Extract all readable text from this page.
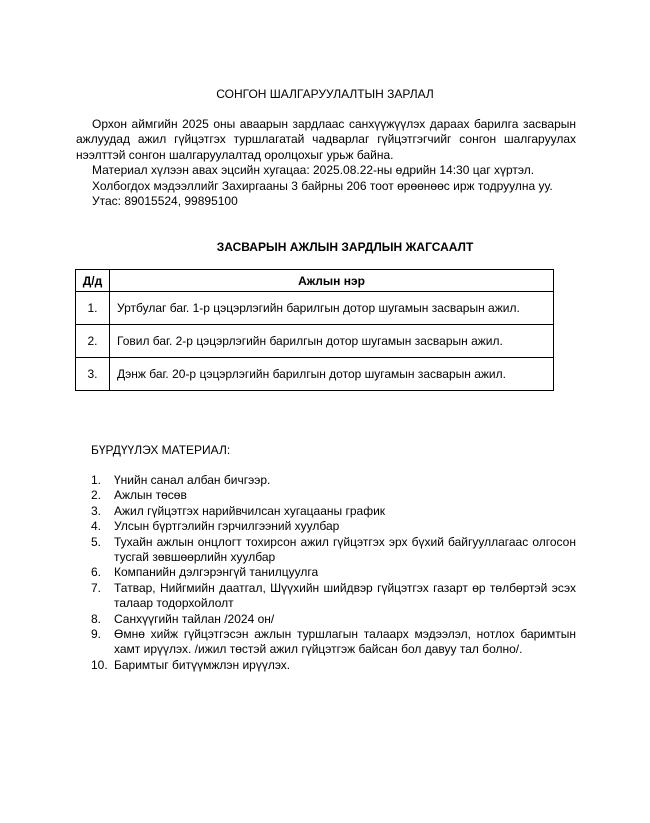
СОНГОН ШАЛГАРУУЛАЛТЫН ЗАРЛАЛ

Орхон аймгийн 2025 оны аваарын зардлаас санхүүжүүлэх дараах барилга засварын ажлуудад ажил гүйцэтгэх туршлагатай чадварлаг гүйцэтгэгчийг сонгон шалгаруулах нээлттэй сонгон шалгаруулалтад оролцохыг урьж байна.

Материал хүлээн авах эцсийн хугацаа: 2025.08.22-ны өдрийн 14:30 цаг хүртэл.

Холбогдох мэдээллийг Захиргааны 3 байрны 206 тоот өрөөнөөс ирж тодруулна уу.

Утас: 89015524, 99895100

ЗАСВАРЫН АЖЛЫН ЗАРДЛЫН ЖАГСААЛТ
Д/д	Ажлын нэр
1.	Уртбулаг баг. 1-р цэцэрлэгийн барилгын дотор шугамын засварын ажил.
2.	Говил баг. 2-р цэцэрлэгийн барилгын дотор шугамын засварын ажил.
3.	Дэнж баг. 20-р цэцэрлэгийн барилгын дотор шугамын засварын ажил.
БҮРДҮҮЛЭХ МАТЕРИАЛ:
1.	Үнийн санал албан бичгээр.
2.	Ажлын төсөв
3.	Ажил гүйцэтгэх нарийвчилсан хугацааны график
4.	Улсын бүртгэлийн гэрчилгээний хуулбар
5.	Тухайн ажлын онцлогт тохирсон ажил гүйцэтгэх эрх бүхий байгууллагаас олгосон тусгай зөвшөөрлийн хуулбар
6.	Компанийн дэлгэрэнгүй танилцуулга
7.	Татвар, Нийгмийн даатгал, Шүүхийн шийдвэр гүйцэтгэх газарт өр төлбөртэй эсэх талаар тодорхойлолт
8.	Санхүүгийн тайлан /2024 он/
9.	Өмнө хийж гүйцэтгэсэн ажлын туршлагын талаарх мэдээлэл, нотлох баримтын хамт ирүүлэх. /ижил төстэй ажил гүйцэтгэж байсан бол давуу тал болно/.
10. Баримтыг битүүмжлэн ирүүлэх.
